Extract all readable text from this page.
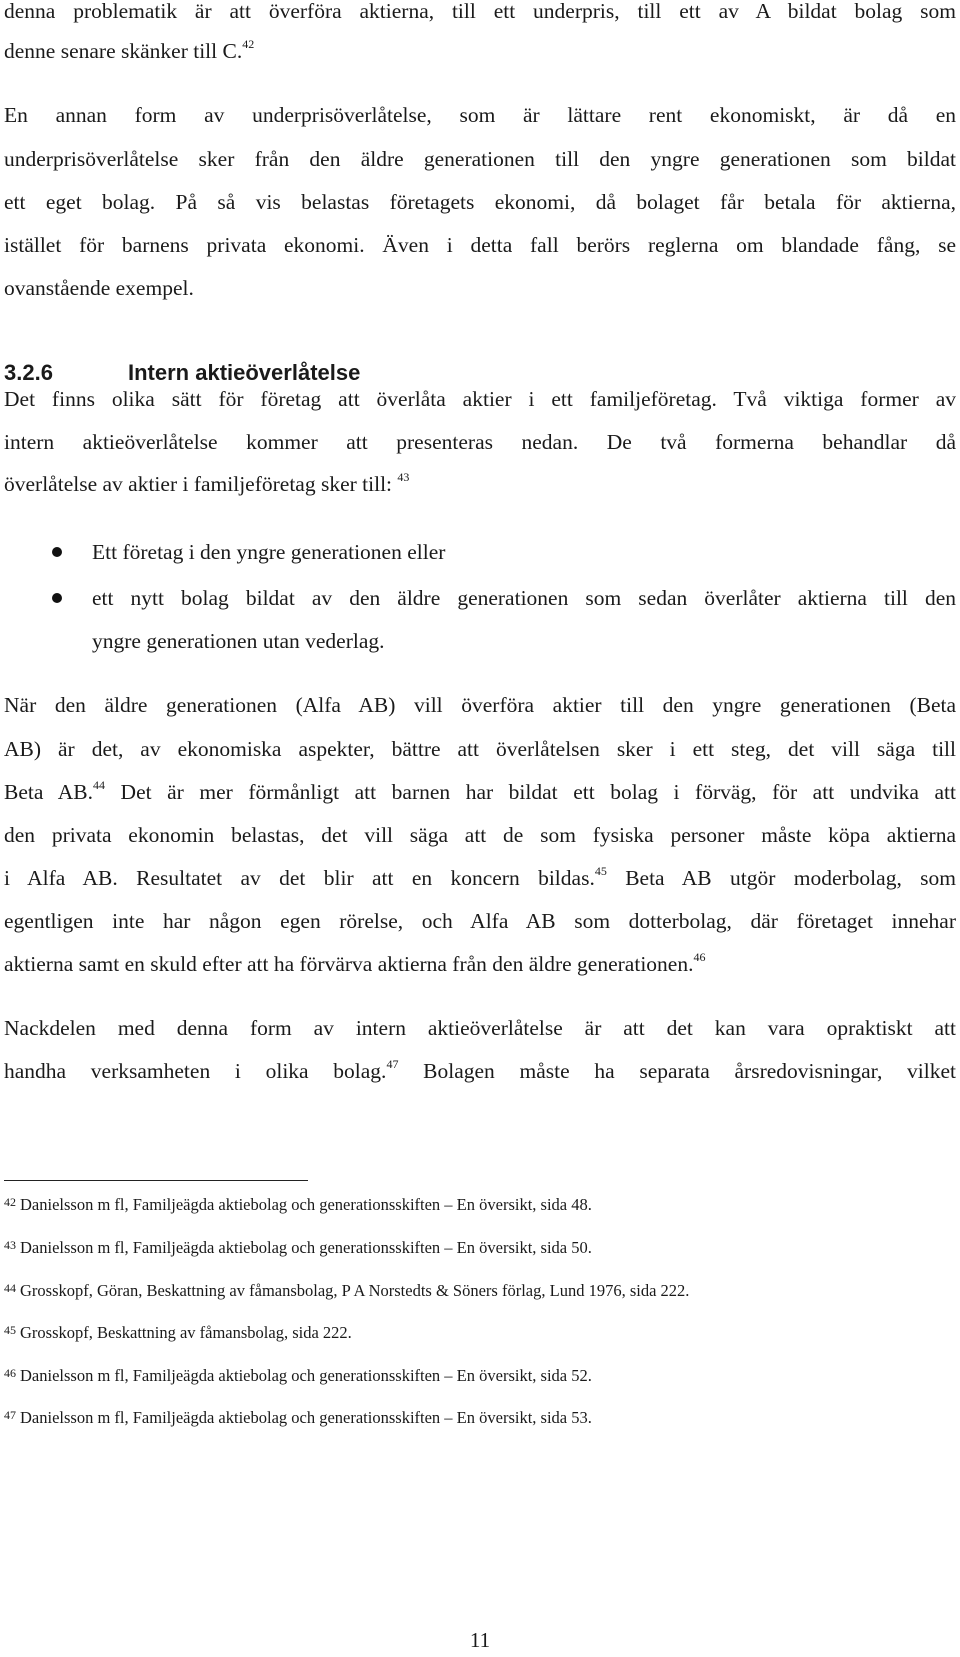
denna problematik är att överföra aktierna, till ett underpris, till ett av A bildat bolag som
denne senare skänker till C.$^{42}$
En annan form av underprisöverlåtelse, som är lättare rent ekonomiskt, är då en
underprisöverlåtelse sker från den äldre generationen till den yngre generationen som bildat
ett eget bolag. På så vis belastas företagets ekonomi, då bolaget får betala för aktierna,
istället för barnens privata ekonomi. Även i detta fall berörs reglerna om blandade fång, se
ovanstående exempel.
3.2.6	Intern aktieöverlåtelse
Det finns olika sätt för företag att överlåta aktier i ett familjeföretag. Två viktiga former av
intern aktieöverlåtelse kommer att presenteras nedan. De två formerna behandlar då
överlåtelse av aktier i familjeföretag sker till: $^{43}$
Ett företag i den yngre generationen eller
ett nytt bolag bildat av den äldre generationen som sedan överlåter aktierna till den
yngre generationen utan vederlag.
När den äldre generationen (Alfa AB) vill överföra aktier till den yngre generationen (Beta
AB) är det, av ekonomiska aspekter, bättre att överlåtelsen sker i ett steg, det vill säga till
Beta AB.$^{44}$ Det är mer förmånligt att barnen har bildat ett bolag i förväg, för att undvika att
den privata ekonomin belastas, det vill säga att de som fysiska personer måste köpa aktierna
i Alfa AB. Resultatet av det blir att en koncern bildas.$^{45}$ Beta AB utgör moderbolag, som
egentligen inte har någon egen rörelse, och Alfa AB som dotterbolag, där företaget innehar
aktierna samt en skuld efter att ha förvärva aktierna från den äldre generationen.$^{46}$
Nackdelen med denna form av intern aktieöverlåtelse är att det kan vara opraktiskt att
handha verksamheten i olika bolag.$^{47}$ Bolagen måste ha separata årsredovisningar, vilket
$^{42}$ Danielsson m fl, Familjeägda aktiebolag och generationsskiften – En översikt, sida 48.
$^{43}$ Danielsson m fl, Familjeägda aktiebolag och generationsskiften – En översikt, sida 50.
$^{44}$ Grosskopf, Göran, Beskattning av fåmansbolag, P A Norstedts & Söners förlag, Lund 1976, sida 222.
$^{45}$ Grosskopf, Beskattning av fåmansbolag, sida 222.
$^{46}$ Danielsson m fl, Familjeägda aktiebolag och generationsskiften – En översikt, sida 52.
$^{47}$ Danielsson m fl, Familjeägda aktiebolag och generationsskiften – En översikt, sida 53.
11
